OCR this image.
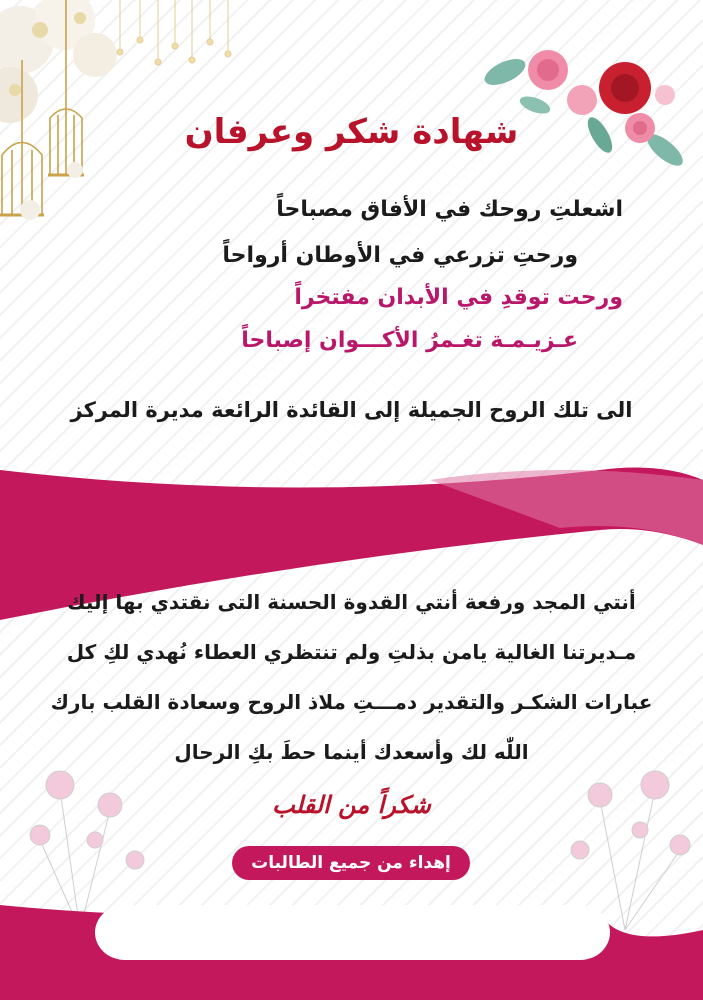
شهادة شكر وعرفان
اشعلتِ روحك في الأفاق مصباحاً
ورحتِ تزرعي في الأوطان أرواحاً
ورحت توقدِ في الأبدان مفتخراً
عـزيـمـة تغـمرُ الأكـــوان إصباحاً
الى تلك الروح الجميلة إلى القائدة الرائعة مديرة المركز
أنتي المجد ورفعة أنتي القدوة الحسنة التى نقتدي بها إليك
مـديرتنا الغالية يامن بذلتِ ولم تنتظري العطاء نُهدي لكِ كل
عبارات الشكـر والتقدير دمـــتِ ملاذ الروح وسعادة القلب بارك
اللّٰه لك وأسعدك أينما حطَ بكِ الرحال
شكراً من القلب
إهداء من جميع الطالبات
